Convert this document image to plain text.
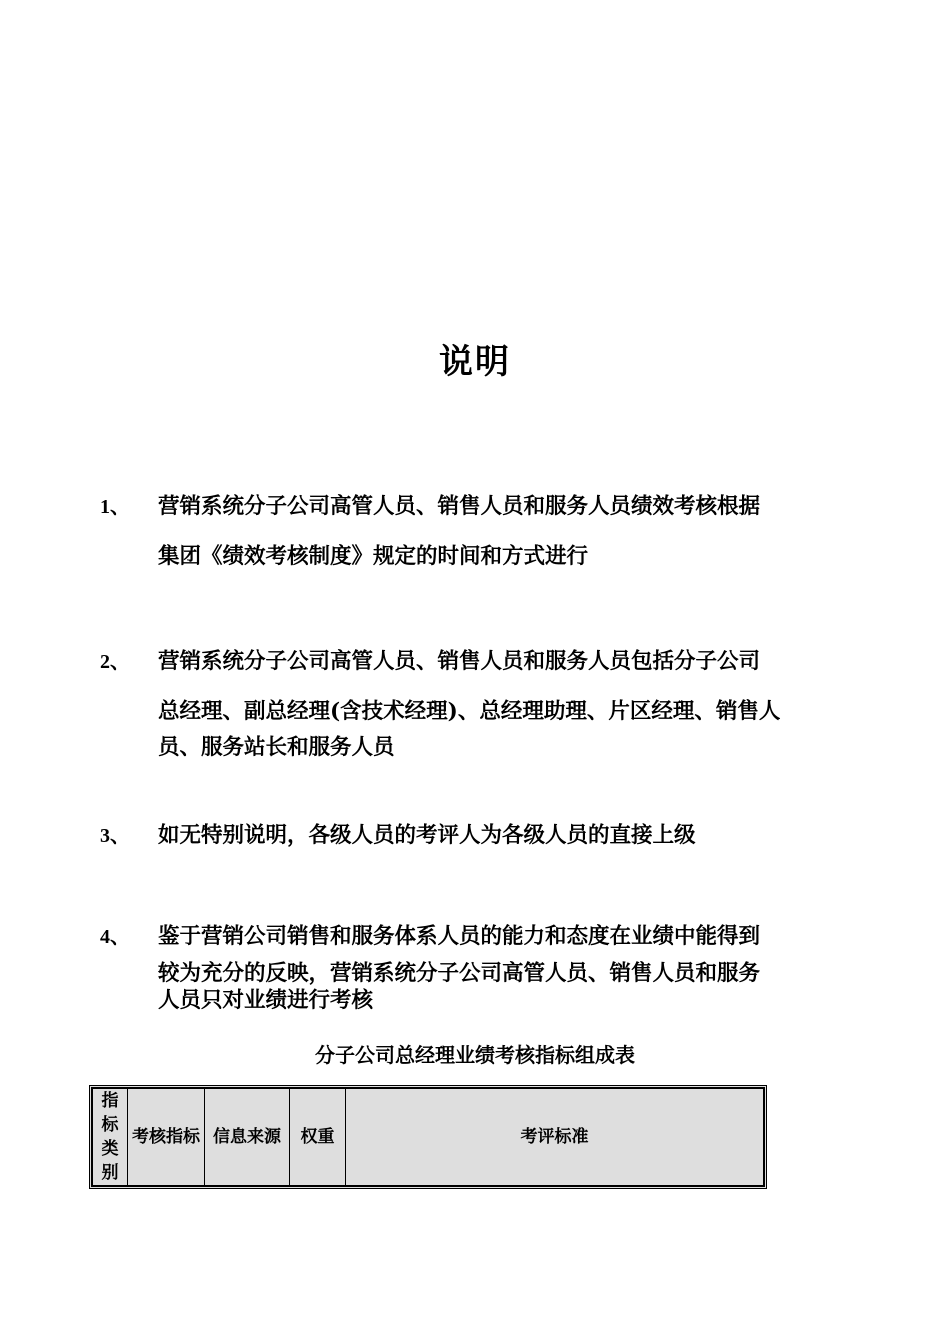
说明
1、 营销系统分子公司高管人员、销售人员和服务人员绩效考核根据
集团《绩效考核制度》规定的时间和方式进行
2、 营销系统分子公司高管人员、销售人员和服务人员包括分子公司
总经理、副总经理(含技术经理)、总经理助理、片区经理、销售人
员、服务站长和服务人员
3、 如无特别说明，各级人员的考评人为各级人员的直接上级
4、 鉴于营销公司销售和服务体系人员的能力和态度在业绩中能得到
较为充分的反映，营销系统分子公司高管人员、销售人员和服务
人员只对业绩进行考核
分子公司总经理业绩考核指标组成表
指标类别	考核指标	信息来源	权重	考评标准
